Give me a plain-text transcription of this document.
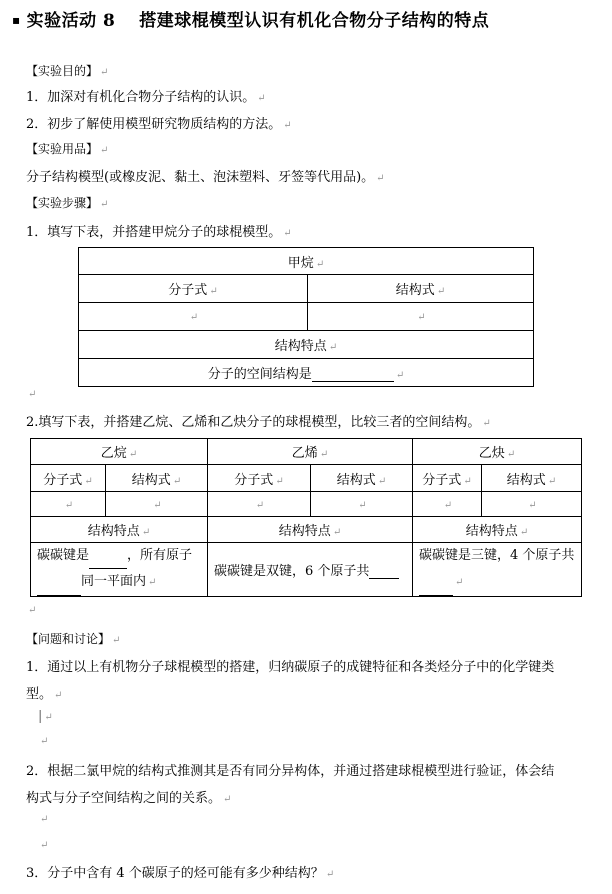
▪ 实验活动 8　 搭建球棍模型认识有机化合物分子结构的特点
【实验目的】 ↵
1．加深对有机化合物分子结构的认识。 ↵
2．初步了解使用模型研究物质结构的方法。 ↵
【实验用品】 ↵
分子结构模型(或橡皮泥、黏土、泡沫塑料、牙签等代用品)。 ↵
【实验步骤】 ↵
1．填写下表，并搭建甲烷分子的球棍模型。 ↵
甲烷 ↵	
分子式 ↵	结构式 ↵
↵	↵
结构特点 ↵	
分子的空间结构是 ↵	
↵
2.填写下表，并搭建乙烷、乙烯和乙炔分子的球棍模型，比较三者的空间结构。 ↵
乙烷 ↵		乙烯 ↵		乙炔 ↵	
分子式 ↵	结构式 ↵	分子式 ↵	结构式 ↵	分子式 ↵	结构式 ↵
↵	↵	↵	↵	↵	↵
结构特点 ↵		结构特点 ↵		结构特点 ↵	
碳碳键是 ，所有原子
同一平面内 ↵		碳碳键是双键，6 个原子共		碳碳键是三键，4 个原子共
↵	
↵
【问题和讨论】 ↵
1．通过以上有机物分子球棍模型的搭建，归纳碳原子的成键特征和各类烃分子中的化学键类
型。 ↵
| ↵
↵
2．根据二氯甲烷的结构式推测其是否有同分异构体，并通过搭建球棍模型进行验证，体会结
构式与分子空间结构之间的关系。 ↵
↵
↵
3．分子中含有 4 个碳原子的烃可能有多少种结构？ ↵
